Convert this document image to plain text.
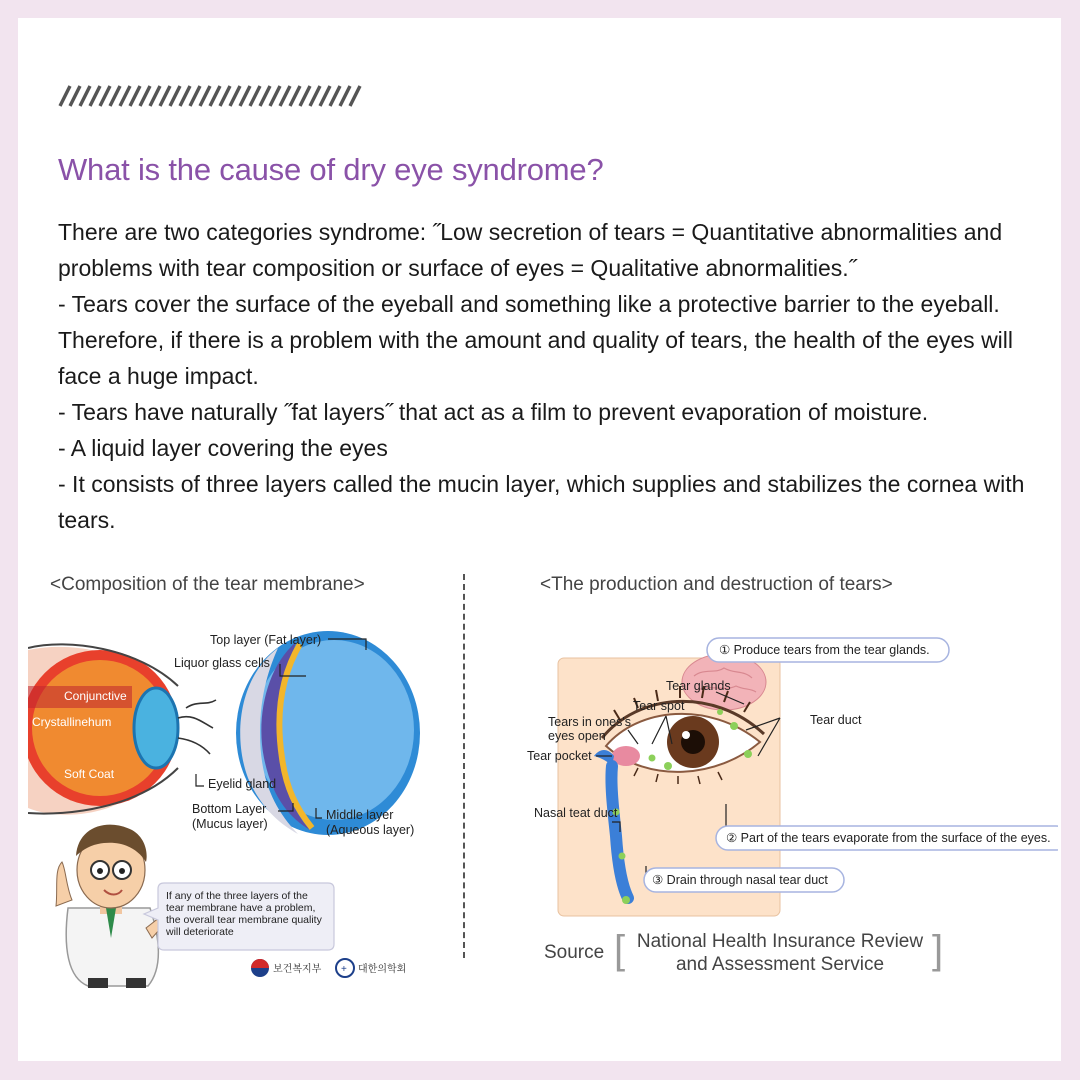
What is the cause of dry eye syndrome?

There are two categories syndrome: ˝Low secretion of tears = Quantitative abnormalities and problems with tear composition or surface of eyes = Qualitative abnormalities.˝

- Tears cover the surface of the eyeball and something like a protective barrier to the eyeball. Therefore, if there is a problem with the amount and quality of tears, the health of the eyes will face a huge impact.

- Tears have naturally ˝fat layers˝ that act as a film to prevent evaporation of moisture.

- A liquid layer covering the eyes

- It consists of three layers called the mucin layer, which supplies and stabilizes the cornea with tears.

<Composition of the tear membrane>
Conjunctive
Crystallinehum
Soft Coat
Top layer (Fat layer)
Liquor glass cells
Eyelid gland
Bottom Layer
(Mucus layer)
Middle layer
(Aqueous layer)
If any of the three layers of the
tear membrane have a problem,
the overall tear membrane quality
will deteriorate
보건복지부 + 대한의학회
<The production and destruction of tears>
① Produce tears from the tear glands.
② Part of the tears evaporate from the surface of the eyes.
③ Drain through nasal tear duct
Tear glands
Tear spot
Tear duct
Tears in ones's
eyes open
Tear pocket
Nasal teat duct
Source [ National Health Insurance Review
and Assessment Service	]
